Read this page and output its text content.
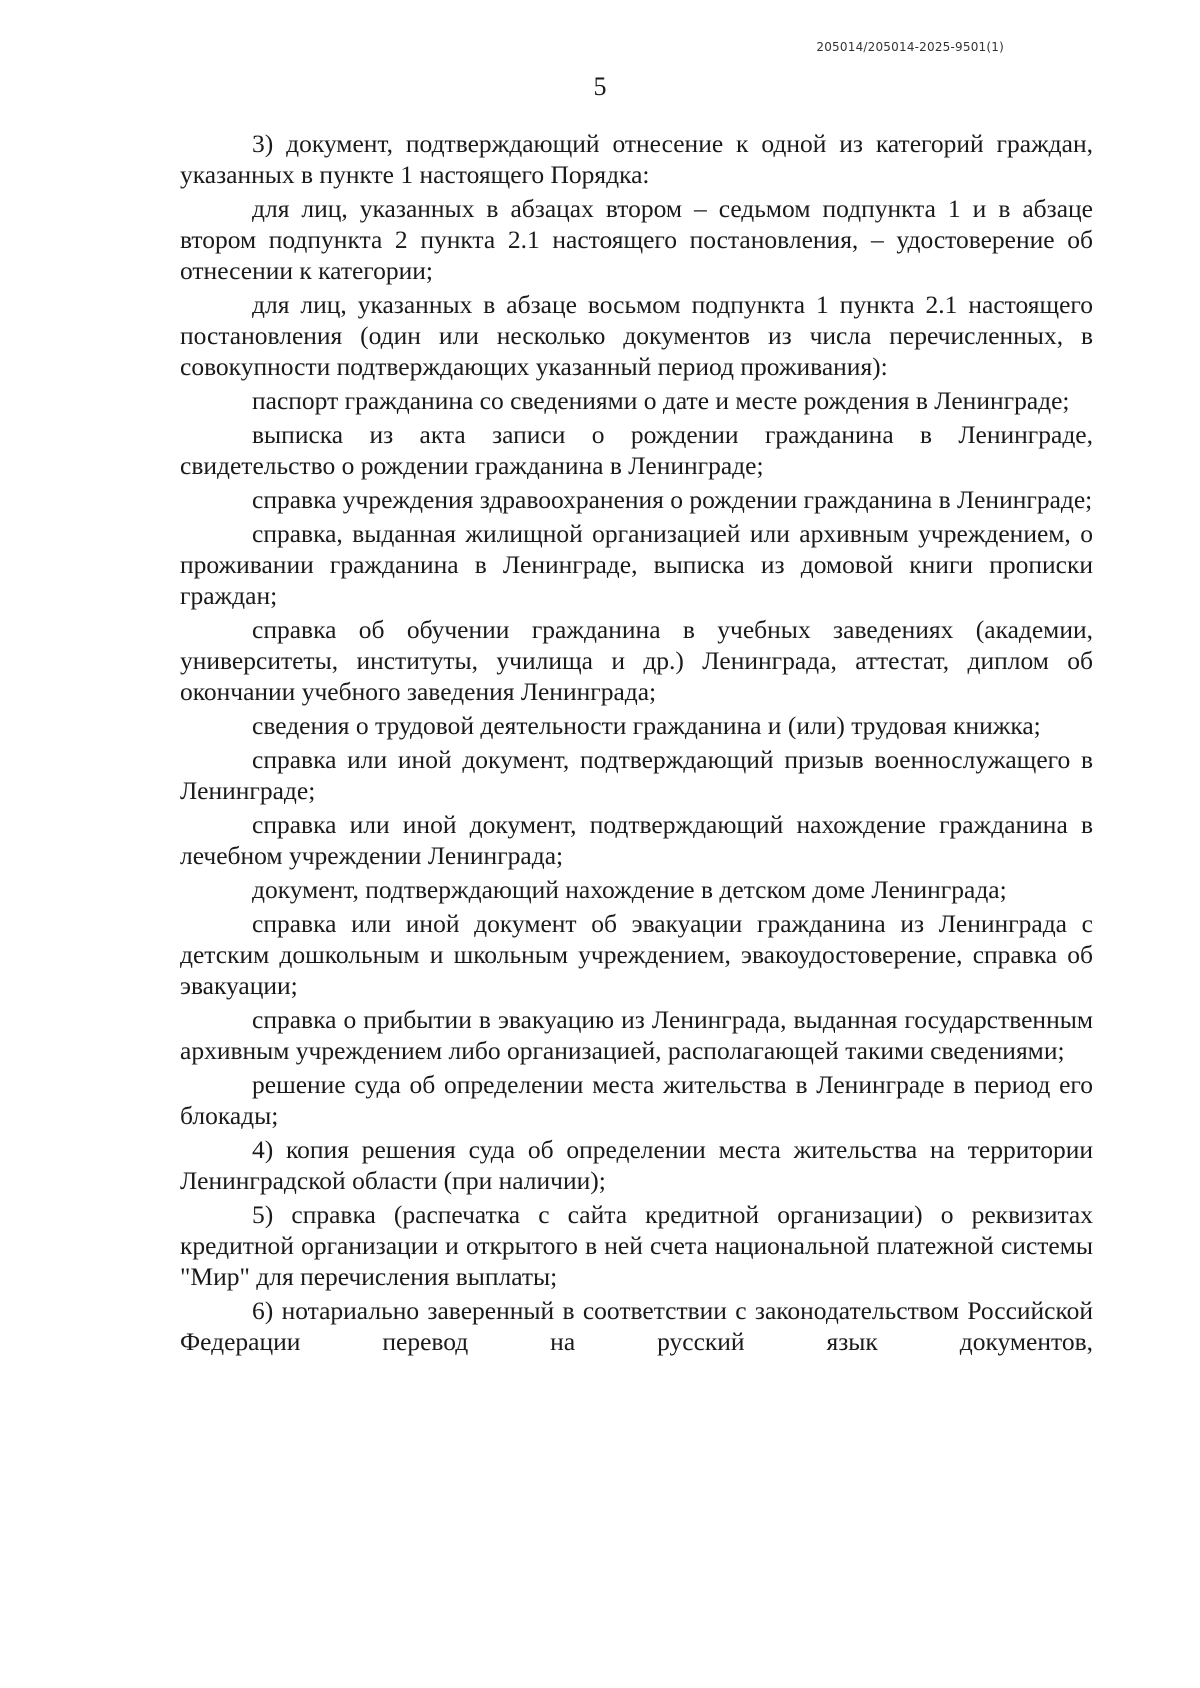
205014/205014-2025-9501(1)
5

3) документ, подтверждающий отнесение к одной из категорий граждан, указанных в пункте 1 настоящего Порядка:

для лиц, указанных в абзацах втором – седьмом подпункта 1 и в абзаце втором подпункта 2 пункта 2.1 настоящего постановления, – удостоверение об отнесении к категории;

для лиц, указанных в абзаце восьмом подпункта 1 пункта 2.1 настоящего постановления (один или несколько документов из числа перечисленных, в совокупности подтверждающих указанный период проживания):

паспорт гражданина со сведениями о дате и месте рождения в Ленинграде;

выписка из акта записи о рождении гражданина в Ленинграде, свидетельство о рождении гражданина в Ленинграде;

справка учреждения здравоохранения о рождении гражданина в Ленинграде;

справка, выданная жилищной организацией или архивным учреждением, о проживании гражданина в Ленинграде, выписка из домовой книги прописки граждан;

справка об обучении гражданина в учебных заведениях (академии, университеты, институты, училища и др.) Ленинграда, аттестат, диплом об окончании учебного заведения Ленинграда;

сведения о трудовой деятельности гражданина и (или) трудовая книжка;

справка или иной документ, подтверждающий призыв военнослужащего в Ленинграде;

справка или иной документ, подтверждающий нахождение гражданина в лечебном учреждении Ленинграда;

документ, подтверждающий нахождение в детском доме Ленинграда;

справка или иной документ об эвакуации гражданина из Ленинграда с детским дошкольным и школьным учреждением, эвакоудостоверение, справка об эвакуации;

справка о прибытии в эвакуацию из Ленинграда, выданная государственным архивным учреждением либо организацией, располагающей такими сведениями;

решение суда об определении места жительства в Ленинграде в период его блокады;

4) копия решения суда об определении места жительства на территории Ленинградской области (при наличии);

5) справка (распечатка с сайта кредитной организации) о реквизитах кредитной организации и открытого в ней счета национальной платежной системы "Мир" для перечисления выплаты;

6) нотариально заверенный в соответствии с законодательством Российской Федерации перевод на русский язык документов,
